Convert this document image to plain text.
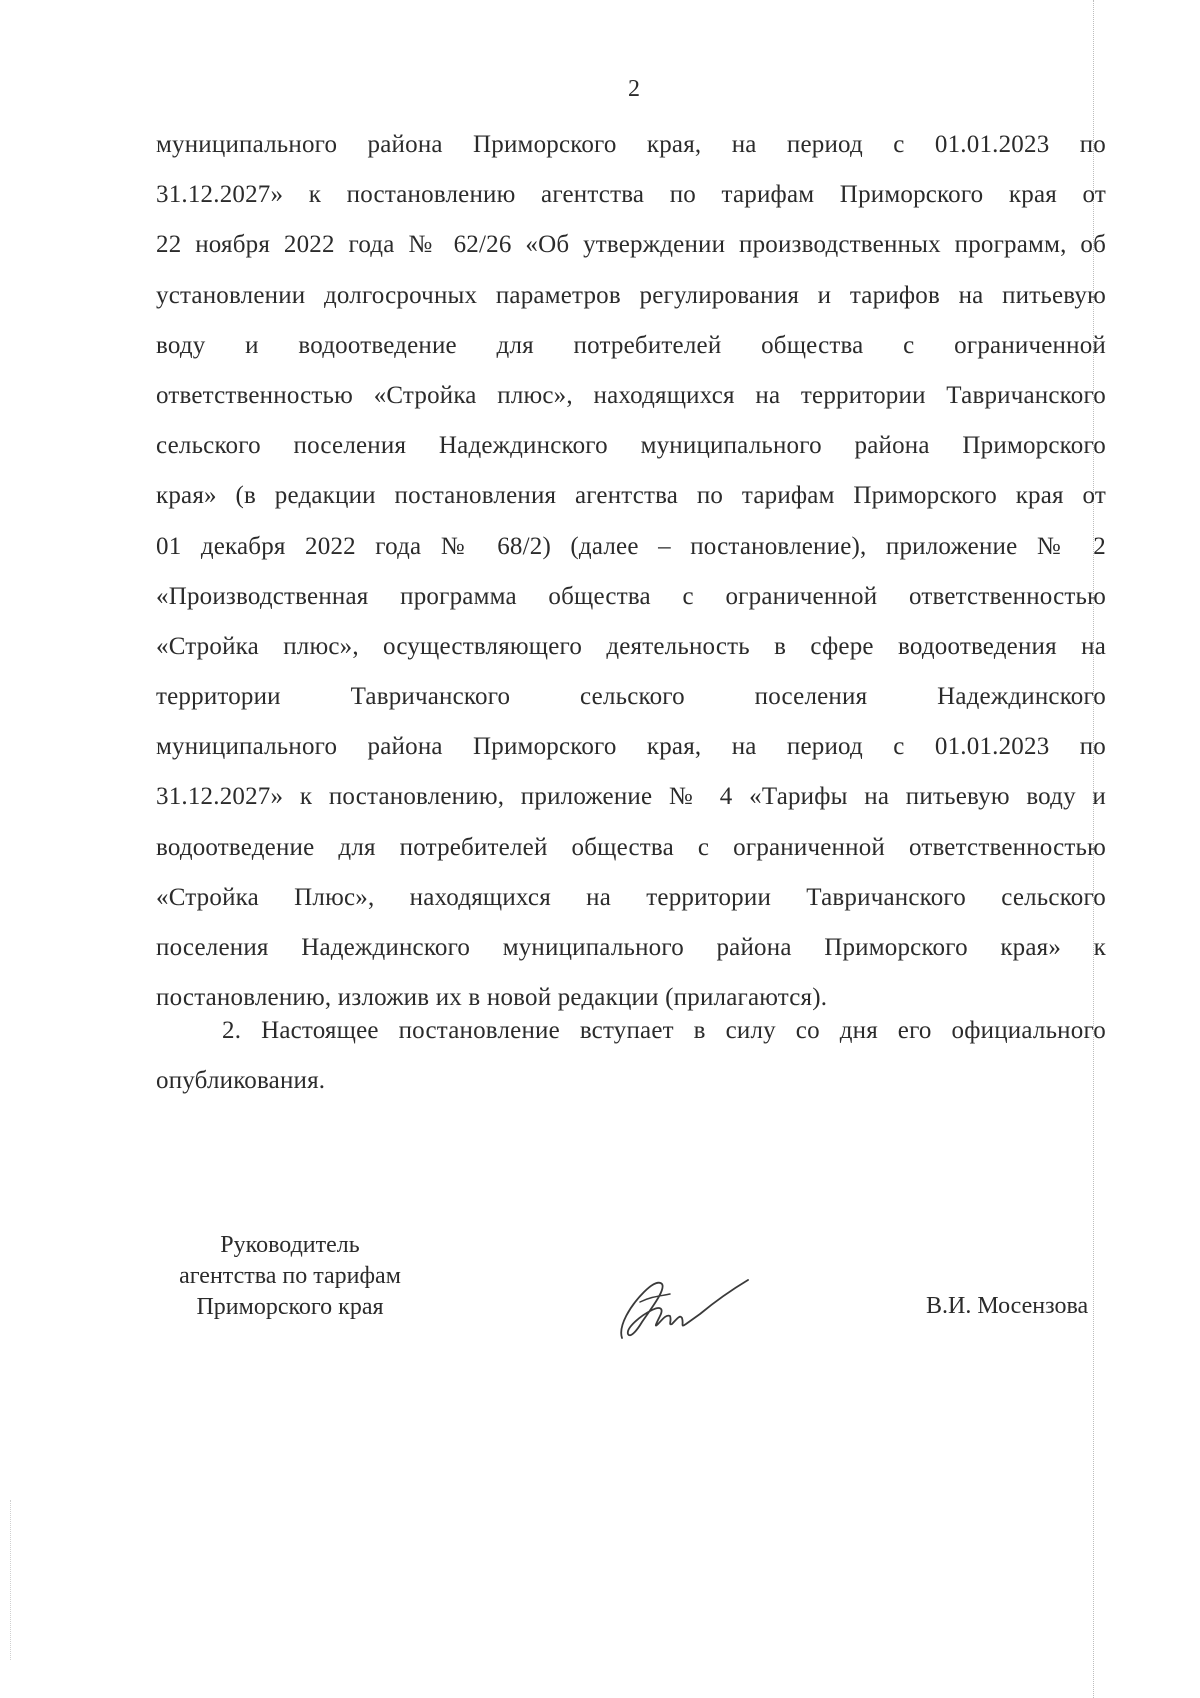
2
муниципального района Приморского края, на период с 01.01.2023 по
31.12.2027» к постановлению агентства по тарифам Приморского края от
22 ноября 2022 года № 62/26 «Об утверждении производственных программ, об
установлении долгосрочных параметров регулирования и тарифов на питьевую
воду и водоотведение для потребителей общества с ограниченной
ответственностью «Стройка плюс», находящихся на территории Тавричанского
сельского поселения Надеждинского муниципального района Приморского
края» (в редакции постановления агентства по тарифам Приморского края от
01 декабря 2022 года № 68/2) (далее – постановление), приложение № 2
«Производственная программа общества с ограниченной ответственностью
«Стройка плюс», осуществляющего деятельность в сфере водоотведения на
территории Тавричанского сельского поселения Надеждинского
муниципального района Приморского края, на период с 01.01.2023 по
31.12.2027» к постановлению, приложение № 4 «Тарифы на питьевую воду и
водоотведение для потребителей общества с ограниченной ответственностью
«Стройка Плюс», находящихся на территории Тавричанского сельского
поселения Надеждинского муниципального района Приморского края» к
постановлению, изложив их в новой редакции (прилагаются).
2. Настоящее постановление вступает в силу со дня его официального
опубликования.
Руководитель
агентства по тарифам
Приморского края	В.И. Мосензова
